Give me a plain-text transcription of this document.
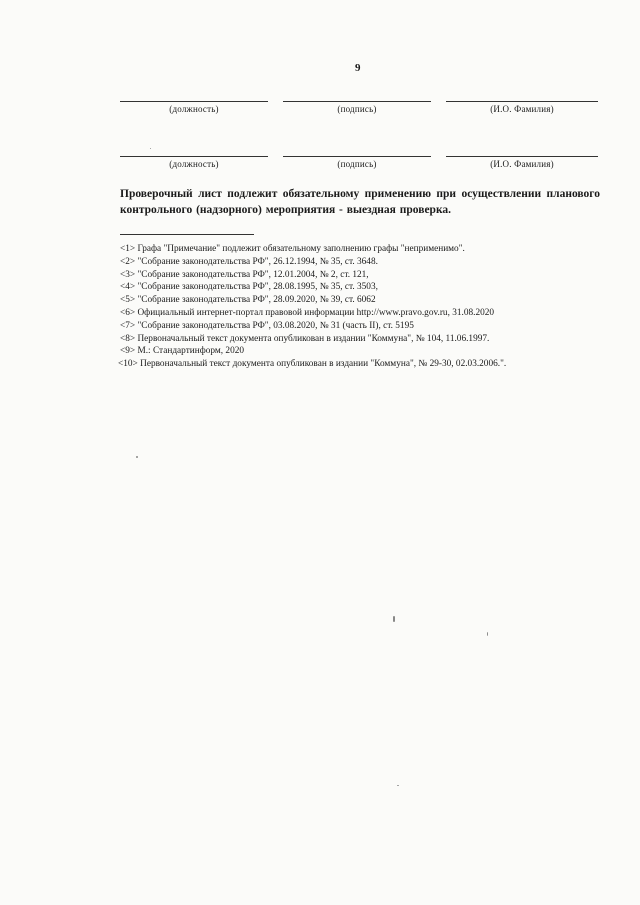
9
(должность)	(подпись)	(И.О. Фамилия)
(должность)	(подпись)	(И.О. Фамилия)
Проверочный лист подлежит обязательному применению при осуществлении планового контрольного (надзорного) мероприятия - выездная проверка.
<1> Графа "Примечание" подлежит обязательному заполнению графы "неприменимо".
<2> "Собрание законодательства РФ", 26.12.1994, № 35, ст. 3648.
<3> "Собрание законодательства РФ", 12.01.2004, № 2, ст. 121,
<4> "Собрание законодательства РФ", 28.08.1995, № 35, ст. 3503,
<5> "Собрание законодательства РФ", 28.09.2020, № 39, ст. 6062
<6> Официальный интернет-портал правовой информации http://www.pravo.gov.ru, 31.08.2020
<7> "Собрание законодательства РФ", 03.08.2020, № 31 (часть II), ст. 5195
<8> Первоначальный текст документа опубликован в издании "Коммуна", № 104, 11.06.1997.
<9> М.: Стандартинформ, 2020
<10> Первоначальный текст документа опубликован в издании "Коммуна", № 29-30, 02.03.2006.".
